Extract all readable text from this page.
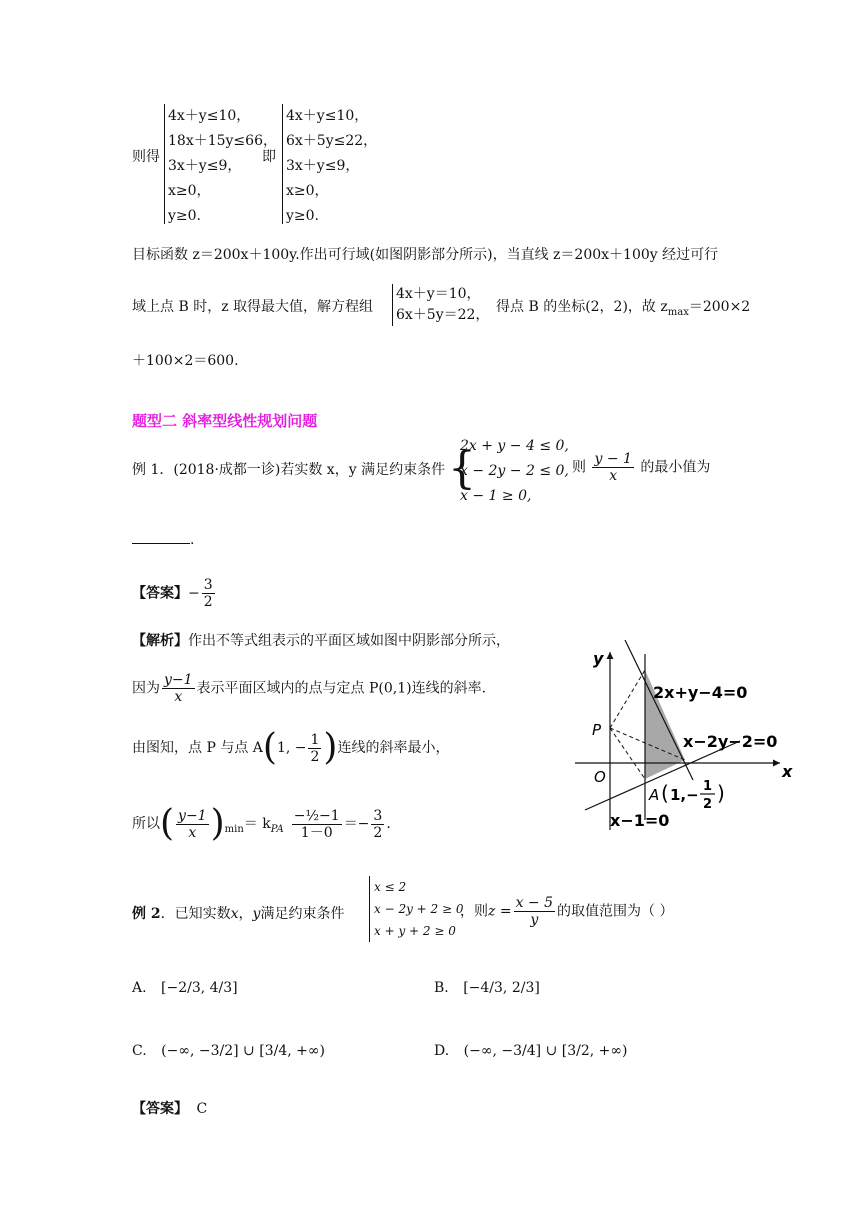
则得
4x＋y≤10，
18x＋15y≤66，
3x＋y≤9，
x≥0，
y≥0.
即
4x＋y≤10，
6x＋5y≤22，
3x＋y≤9，
x≥0，
y≥0.
目标函数 z＝200x＋100y.作出可行域(如图阴影部分所示)，当直线 z＝200x＋100y 经过可行
域上点 B 时，z 取得最大值，解方程组
4x＋y＝10，
6x＋5y＝22， 得点 B 的坐标(2，2)，故 $z_{max}=200\times 2$
＋100×2＝600.
题型二 斜率型线性规划问题
例 1．(2018·成都一诊)若实数 x，y 满足约束条件 {
2x + y − 4 ≤ 0,
x − 2y − 2 ≤ 0,
x − 1 ≥ 0,
则 $\frac{y - 1}{x}$ 的最小值为
.
【答案】− $\frac{3}{2}$
【解析】作出不等式组表示的平面区域如图中阴影部分所示，
因为 $\frac{y-1}{x}$ 表示平面区域内的点与定点 P(0,1)连线的斜率.
由图知，点 P 与点 A(1, − $\frac{1}{2}$ )连线的斜率最小，
所以( $\frac{y-1}{x} )_{min}= k_{PA} \frac{\text{−½−1}}{1-0} =- \frac{3}{2}$ .
y
x
O
P
A ( 1,− 1
2 )
2x+y−4=0
x−2y−2=0
x−1=0
例 2．已知实数x，y满足约束条件
x ≤ 2
x − 2y + 2 ≥ 0
x + y + 2 ≥ 0
，则$z = \frac{x - 5}{y}$ 的取值范围为（ ）
A. [−2/3, 4/3]	B. [−4/3, 2/3]
C. (−∞, −3/2] ∪ [3/4, +∞)	D. (−∞, −3/4] ∪ [3/2, +∞)
【答案】 C
